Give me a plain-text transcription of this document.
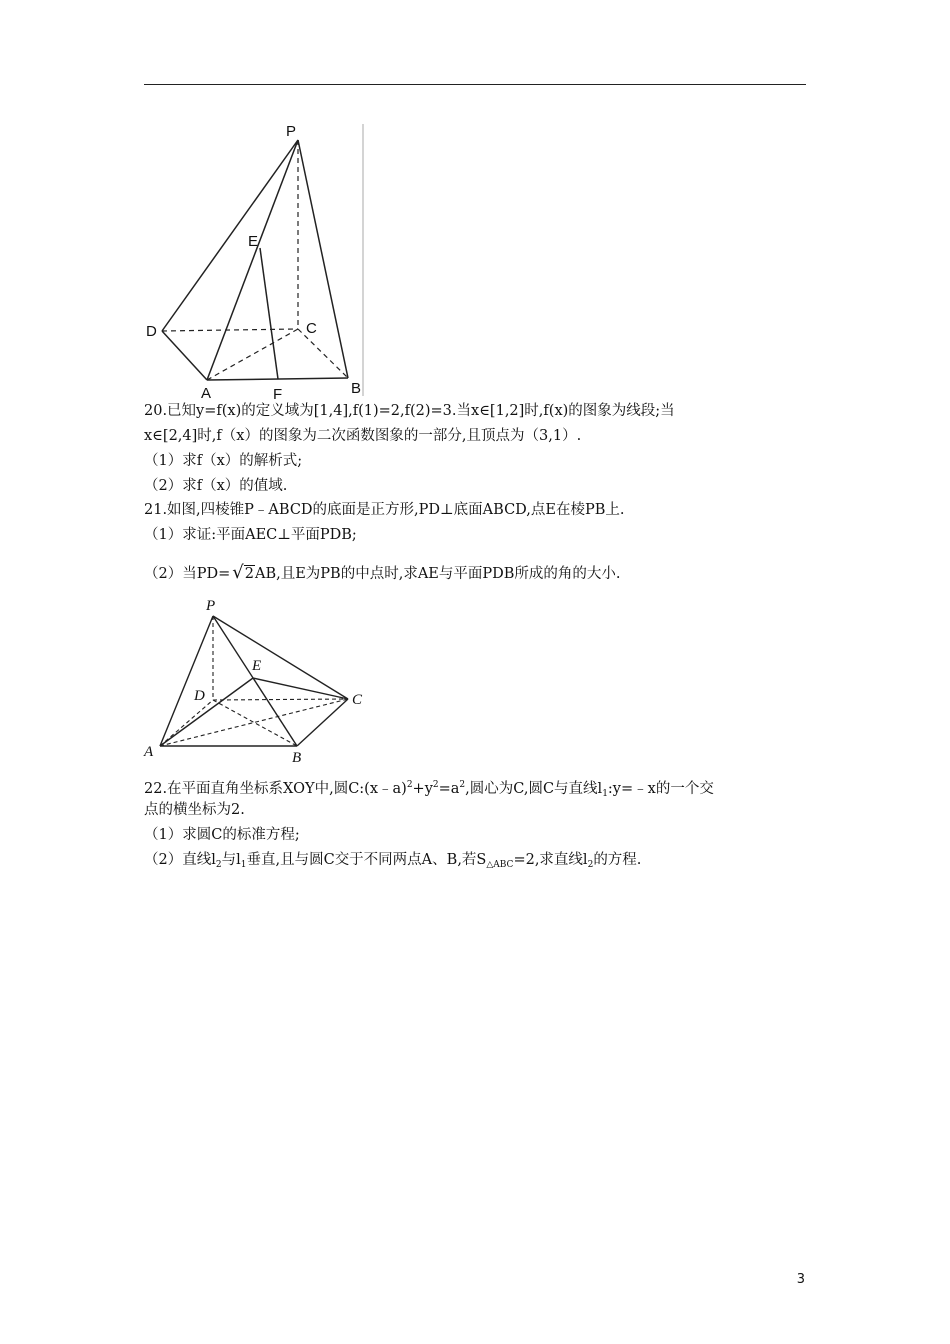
P
E
D	C
A	F	B
20.已知y=f(x)的定义域为[1,4],f(1)=2,f(2)=3.当x∈[1,2]时,f(x)的图象为线段;当
x∈[2,4]时,f（x）的图象为二次函数图象的一部分,且顶点为（3,1）.
（1）求f（x）的解析式;
（2）求f（x）的值域.
21.如图,四棱锥P﹣ABCD的底面是正方形,PD⊥底面ABCD,点E在棱PB上.
（1）求证:平面AEC⊥平面PDB;
（2）当PD= √2AB,且E为PB的中点时,求AE与平面PDB所成的角的大小.
P
E
D	C
A	B
22.在平面直角坐标系XOY中,圆$C:(x﹣a)^2+y^2=a^2$,圆心为C,圆C与直线$l_1:y=﹣x$的一个交
点的横坐标为2.
（1）求圆C的标准方程;
（2）直线$l_2$与$l_1$垂直,且与圆C交于不同两点A、B,若$S_{\triangle ABC}=2$,求直线$l_2$的方程.
3
